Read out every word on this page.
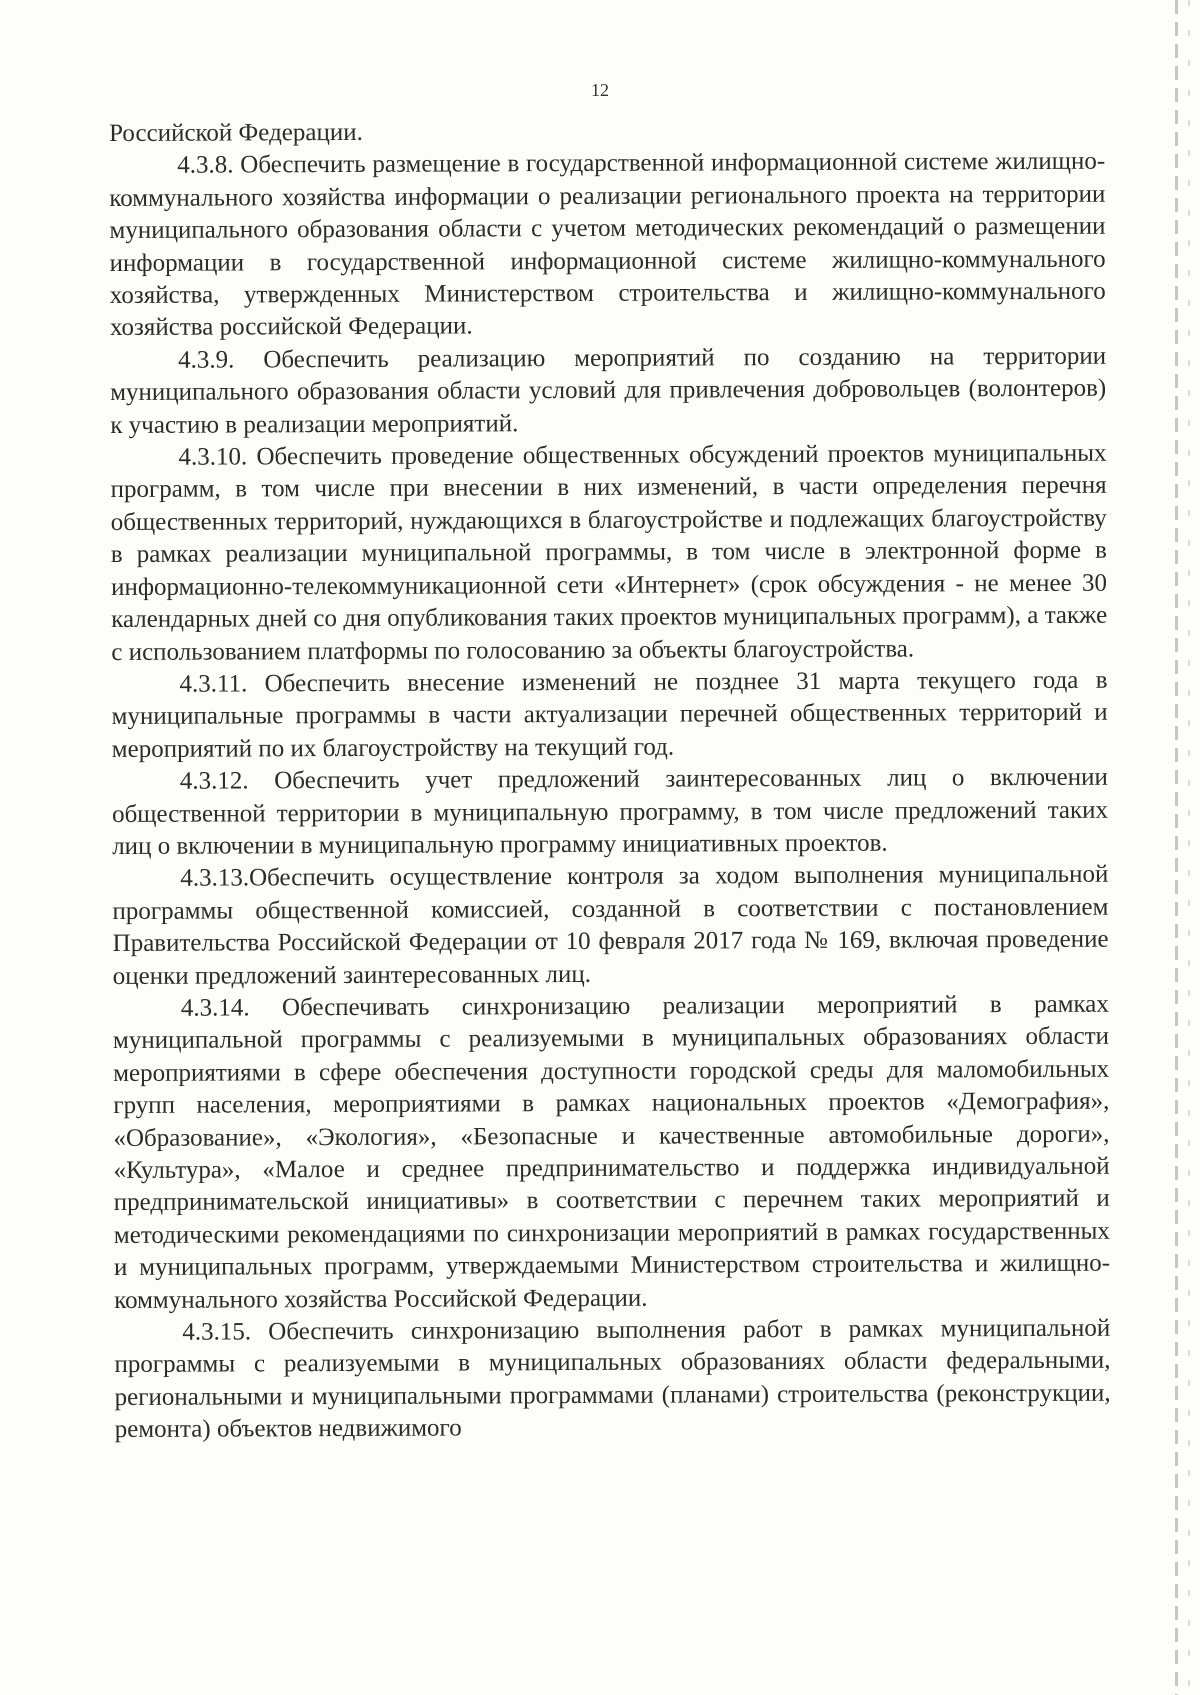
12

Российской Федерации.

4.3.8. Обеспечить размещение в государственной информационной системе жилищно-коммунального хозяйства информации о реализации регионального проекта на территории муниципального образования области с учетом методических рекомендаций о размещении информации в государственной информационной системе жилищно-коммунального хозяйства, утвержденных Министерством строительства и жилищно-коммунального хозяйства российской Федерации.

4.3.9. Обеспечить реализацию мероприятий по созданию на территории муниципального образования области условий для привлечения добровольцев (волонтеров) к участию в реализации мероприятий.

4.3.10. Обеспечить проведение общественных обсуждений проектов муниципальных программ, в том числе при внесении в них изменений, в части определения перечня общественных территорий, нуждающихся в благоустройстве и подлежащих благоустройству в рамках реализации муниципальной программы, в том числе в электронной форме в информационно-телекоммуникационной сети «Интернет» (срок обсуждения - не менее 30 календарных дней со дня опубликования таких проектов муниципальных программ), а также с использованием платформы по голосованию за объекты благоустройства.

4.3.11. Обеспечить внесение изменений не позднее 31 марта текущего года в муниципальные программы в части актуализации перечней общественных территорий и мероприятий по их благоустройству на текущий год.

4.3.12. Обеспечить учет предложений заинтересованных лиц о включении общественной территории в муниципальную программу, в том числе предложений таких лиц о включении в муниципальную программу инициативных проектов.

4.3.13.Обеспечить осуществление контроля за ходом выполнения муниципальной программы общественной комиссией, созданной в соответствии с постановлением Правительства Российской Федерации от 10 февраля 2017 года № 169, включая проведение оценки предложений заинтересованных лиц.

4.3.14. Обеспечивать синхронизацию реализации мероприятий в рамках муниципальной программы с реализуемыми в муниципальных образованиях области мероприятиями в сфере обеспечения доступности городской среды для маломобильных групп населения, мероприятиями в рамках национальных проектов «Демография», «Образование», «Экология», «Безопасные и качественные автомобильные дороги», «Культура», «Малое и среднее предпринимательство и поддержка индивидуальной предпринимательской инициативы» в соответствии с перечнем таких мероприятий и методическими рекомендациями по синхронизации мероприятий в рамках государственных и муниципальных программ, утверждаемыми Министерством строительства и жилищно-коммунального хозяйства Российской Федерации.

4.3.15. Обеспечить синхронизацию выполнения работ в рамках муниципальной программы с реализуемыми в муниципальных образованиях области федеральными, региональными и муниципальными программами (планами) строительства (реконструкции, ремонта) объектов недвижимого
